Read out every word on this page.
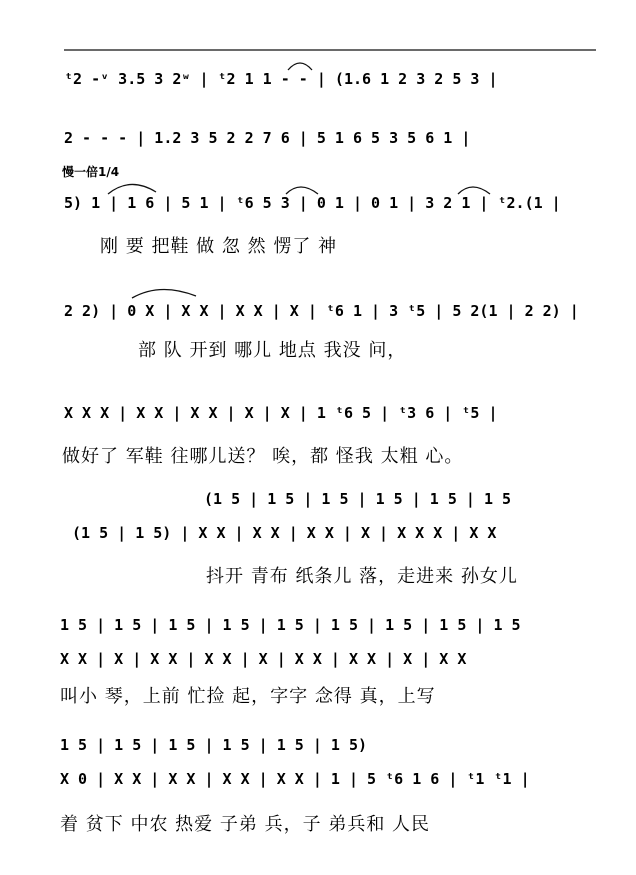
ᵗ2 -ᵛ 3.5 3 2ʷ | ᵗ2 1 1 - - | (1.6 1 2 3 2 5 3 |
2 - - - | 1.2 3 5 2 2 7 6 | 5 1 6 5 3 5 6 1 |
慢一倍1/4
5) 1 | 1 6 | 5 1 | ᵗ6 5 3 | 0 1 | 0 1 | 3 2 1 | ᵗ2.(1 |
刚 要 把鞋 做 忽 然 愣了 神
2 2) | 0 X | X X | X X | X | ᵗ6 1 | 3 ᵗ5 | 5 2(1 | 2 2) |
部 队 开到 哪儿 地点 我没 问，
X X X | X X | X X | X | X | 1 ᵗ6 5 | ᵗ3 6 | ᵗ5 |
做好了 军鞋 往哪儿送？ 唉，都 怪我 太粗 心。
(1 5 | 1 5 | 1 5 | 1 5 | 1 5 | 1 5
(1 5 | 1 5) | X X | X X | X X | X | X X X | X X
抖开 青布 纸条儿 落，走进来 孙女儿
1 5 | 1 5 | 1 5 | 1 5 | 1 5 | 1 5 | 1 5 | 1 5 | 1 5
X X | X | X X | X X | X | X X | X X | X | X X
叫小 琴，上前 忙捡 起，字字 念得 真，上写
1 5 | 1 5 | 1 5 | 1 5 | 1 5 | 1 5)
X 0 | X X | X X | X X | X X | 1 | 5 ᵗ6 1 6 | ᵗ1 ᵗ1 |
着 贫下 中农 热爱 子弟 兵，子 弟兵和 人民
